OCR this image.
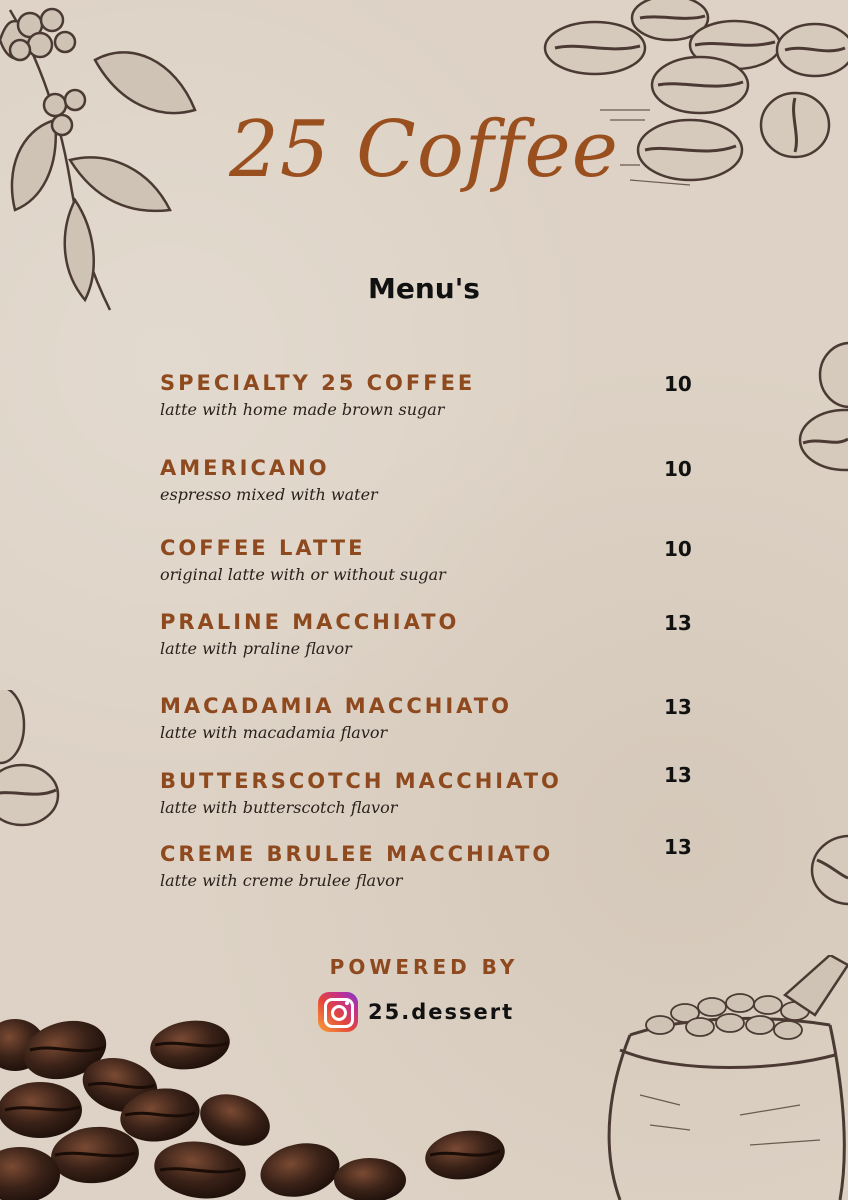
25 Coffee
Menu's
SPECIALTY 25 COFFEE
latte with home made brown sugar
10
AMERICANO
espresso mixed with water
10
COFFEE LATTE
original latte with or without sugar
10
PRALINE MACCHIATO
latte with praline flavor
13
MACADAMIA MACCHIATO
latte with macadamia flavor
13
BUTTERSCOTCH MACCHIATO
latte with butterscotch flavor
13
CREME BRULEE MACCHIATO
latte with creme brulee flavor
13
POWERED BY
25.dessert
